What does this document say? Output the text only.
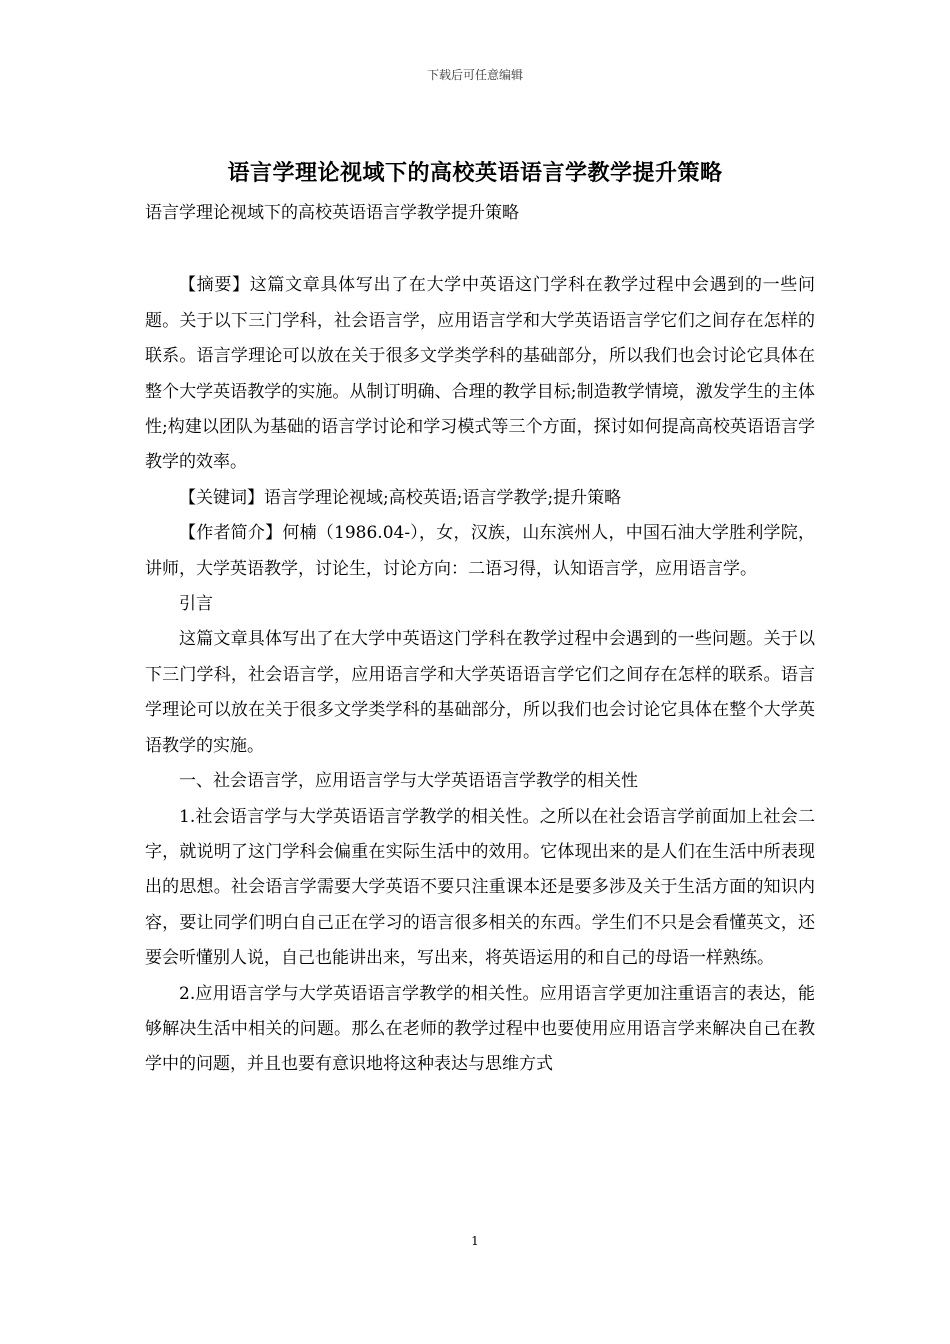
下载后可任意编辑
语言学理论视域下的高校英语语言学教学提升策略

语言学理论视域下的高校英语语言学教学提升策略

【摘要】这篇文章具体写出了在大学中英语这门学科在教学过程中会遇到的一些问题。关于以下三门学科，社会语言学，应用语言学和大学英语语言学它们之间存在怎样的联系。语言学理论可以放在关于很多文学类学科的基础部分，所以我们也会讨论它具体在整个大学英语教学的实施。从制订明确、合理的教学目标;制造教学情境，激发学生的主体性;构建以团队为基础的语言学讨论和学习模式等三个方面，探讨如何提高高校英语语言学教学的效率。

【关键词】语言学理论视域;高校英语;语言学教学;提升策略

【作者简介】何楠（1986.04-），女，汉族，山东滨州人，中国石油大学胜利学院，讲师，大学英语教学，讨论生，讨论方向：二语习得，认知语言学，应用语言学。

引言

这篇文章具体写出了在大学中英语这门学科在教学过程中会遇到的一些问题。关于以下三门学科，社会语言学，应用语言学和大学英语语言学它们之间存在怎样的联系。语言学理论可以放在关于很多文学类学科的基础部分，所以我们也会讨论它具体在整个大学英语教学的实施。

一、社会语言学，应用语言学与大学英语语言学教学的相关性

1.社会语言学与大学英语语言学教学的相关性。之所以在社会语言学前面加上社会二字，就说明了这门学科会偏重在实际生活中的效用。它体现出来的是人们在生活中所表现出的思想。社会语言学需要大学英语不要只注重课本还是要多涉及关于生活方面的知识内容，要让同学们明白自己正在学习的语言很多相关的东西。学生们不只是会看懂英文，还要会听懂别人说，自己也能讲出来，写出来，将英语运用的和自己的母语一样熟练。

2.应用语言学与大学英语语言学教学的相关性。应用语言学更加注重语言的表达，能够解决生活中相关的问题。那么在老师的教学过程中也要使用应用语言学来解决自己在教学中的问题，并且也要有意识地将这种表达与思维方式

1
